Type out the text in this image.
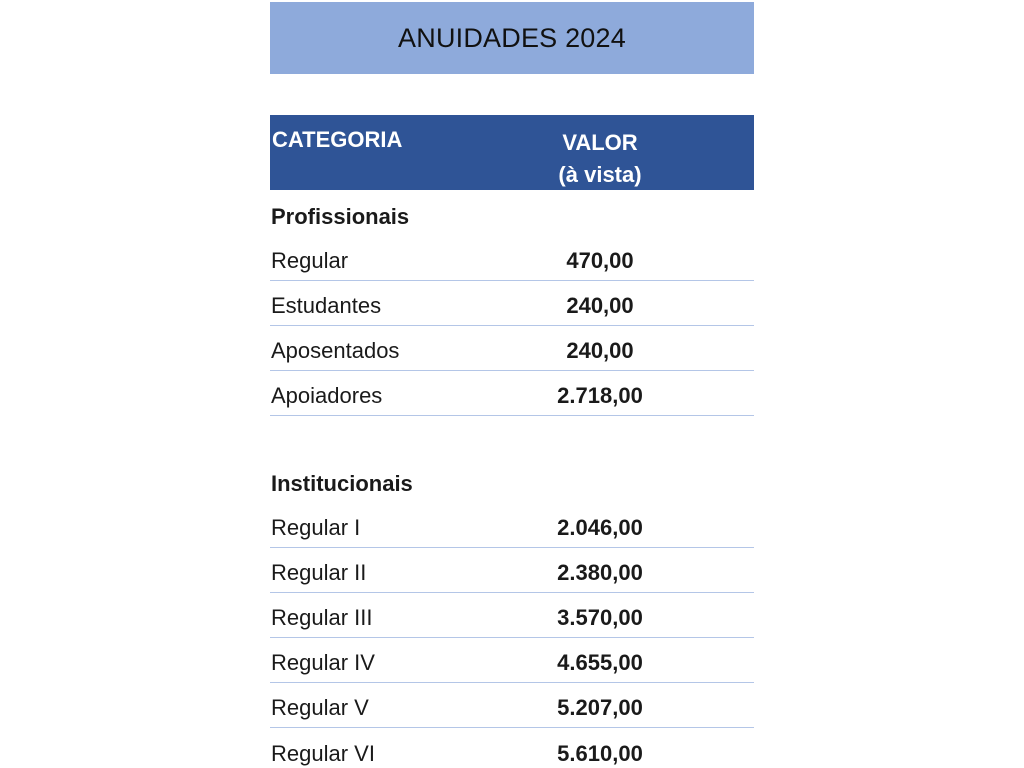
ANUIDADES 2024
CATEGORIA	VALOR
(à vista)
Profissionais
Regular	470,00
Estudantes	240,00
Aposentados	240,00
Apoiadores	2.718,00
Institucionais
Regular I	2.046,00
Regular II	2.380,00
Regular III	3.570,00
Regular IV	4.655,00
Regular V	5.207,00
Regular VI	5.610,00
